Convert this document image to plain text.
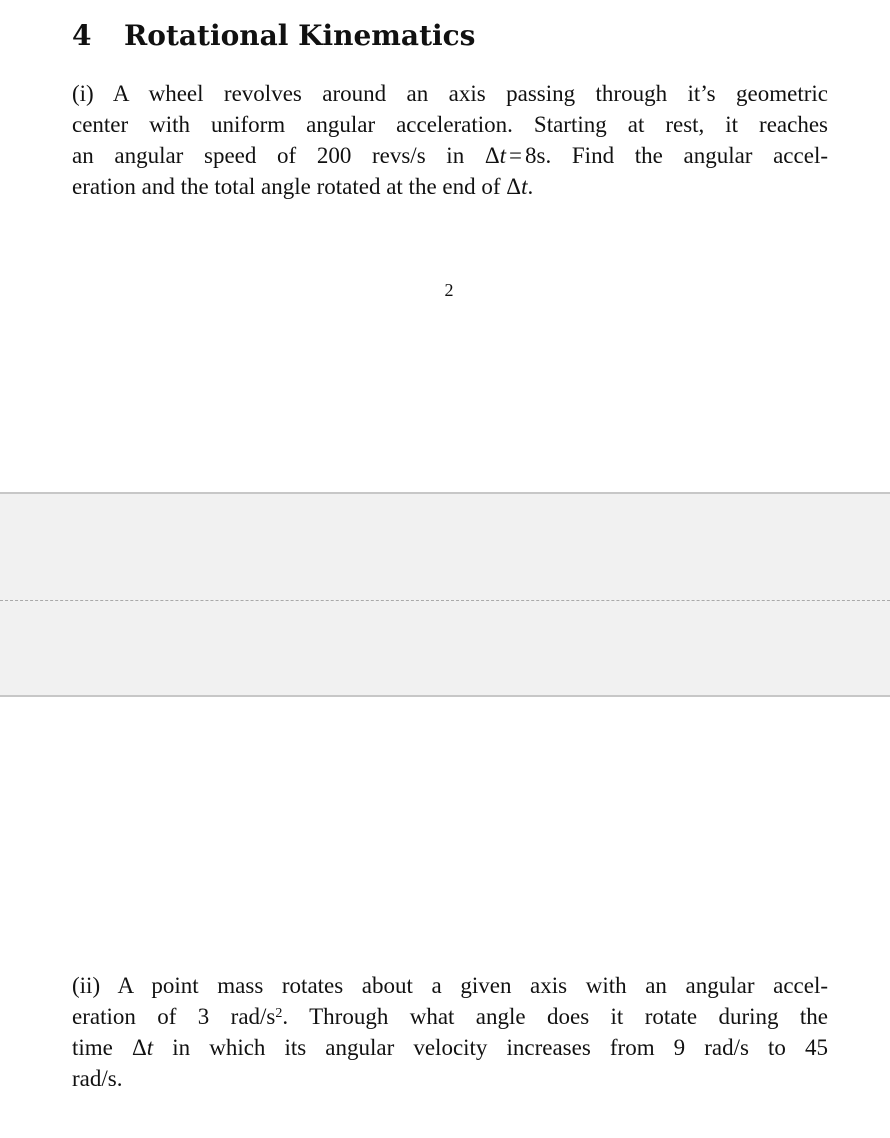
4 Rotational Kinematics
(i) A wheel revolves around an axis passing through it’s geometric
center with uniform angular acceleration. Starting at rest, it reaches
an angular speed of 200 revs/s in Δt = 8s. Find the angular accel-
eration and the total angle rotated at the end of Δt.
2
(ii) A point mass rotates about a given axis with an angular accel-
eration of 3 rad/$s^2$. Through what angle does it rotate during the
time Δt in which its angular velocity increases from 9 rad/s to 45
rad/s.
